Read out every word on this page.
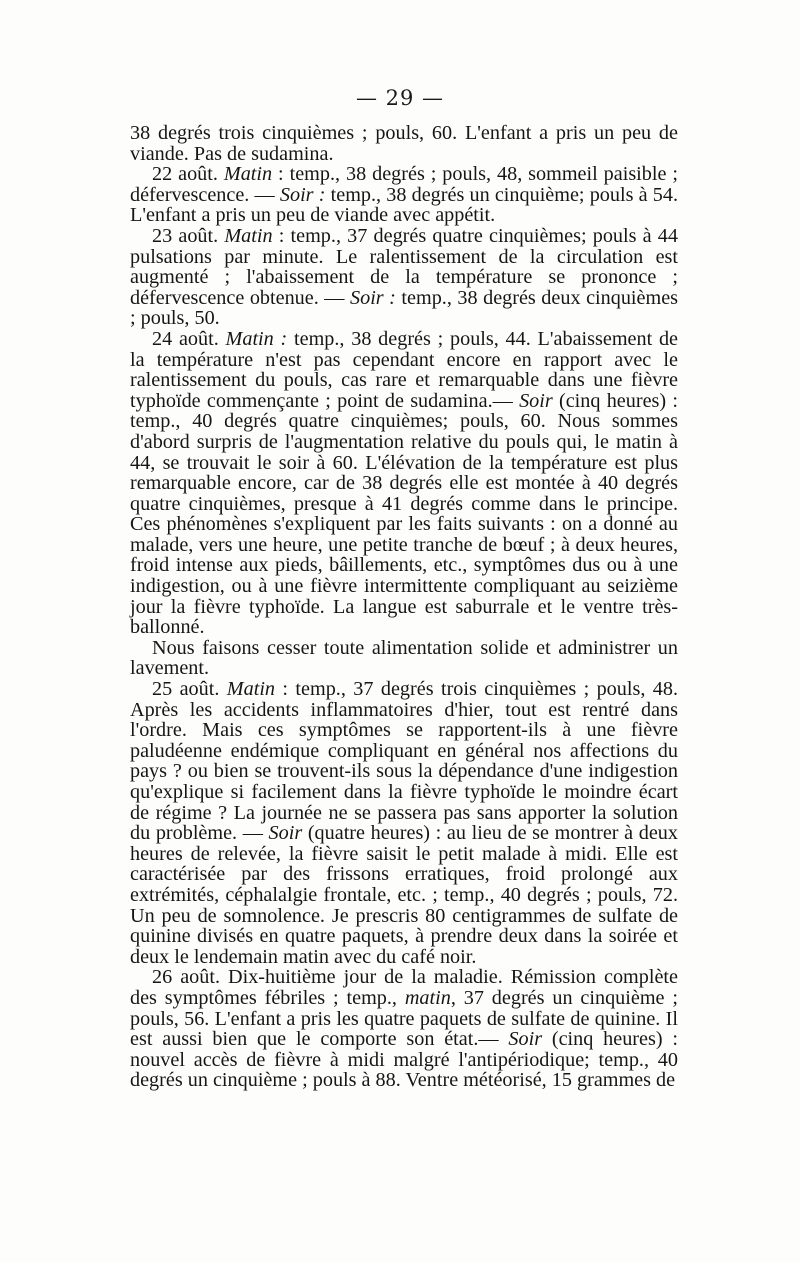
— 29 —

38 degrés trois cinquièmes ; pouls, 60. L'enfant a pris un peu de viande. Pas de sudamina.

22 août. Matin : temp., 38 degrés ; pouls, 48, sommeil paisible ; défervescence. — Soir : temp., 38 degrés un cinquième; pouls à 54. L'enfant a pris un peu de viande avec appétit.

23 août. Matin : temp., 37 degrés quatre cinquièmes; pouls à 44 pulsations par minute. Le ralentissement de la circulation est augmenté ; l'abaissement de la température se prononce ; défervescence obtenue. — Soir : temp., 38 degrés deux cinquièmes ; pouls, 50.

24 août. Matin : temp., 38 degrés ; pouls, 44. L'abaissement de la température n'est pas cependant encore en rapport avec le ralentissement du pouls, cas rare et remarquable dans une fièvre typhoïde commençante ; point de sudamina.— Soir (cinq heures) : temp., 40 degrés quatre cinquièmes; pouls, 60. Nous sommes d'abord surpris de l'augmentation relative du pouls qui, le matin à 44, se trouvait le soir à 60. L'élévation de la température est plus remarquable encore, car de 38 degrés elle est montée à 40 degrés quatre cinquièmes, presque à 41 degrés comme dans le principe. Ces phénomènes s'expliquent par les faits suivants : on a donné au malade, vers une heure, une petite tranche de bœuf ; à deux heures, froid intense aux pieds, bâillements, etc., symptômes dus ou à une indigestion, ou à une fièvre intermittente compliquant au seizième jour la fièvre typhoïde. La langue est saburrale et le ventre très-ballonné.

Nous faisons cesser toute alimentation solide et administrer un lavement.

25 août. Matin : temp., 37 degrés trois cinquièmes ; pouls, 48. Après les accidents inflammatoires d'hier, tout est rentré dans l'ordre. Mais ces symptômes se rapportent-ils à une fièvre paludéenne endémique compliquant en général nos affections du pays ? ou bien se trouvent-ils sous la dépendance d'une indigestion qu'explique si facilement dans la fièvre typhoïde le moindre écart de régime ? La journée ne se passera pas sans apporter la solution du problème. — Soir (quatre heures) : au lieu de se montrer à deux heures de relevée, la fièvre saisit le petit malade à midi. Elle est caractérisée par des frissons erratiques, froid prolongé aux extrémités, céphalalgie frontale, etc. ; temp., 40 degrés ; pouls, 72. Un peu de somnolence. Je prescris 80 centigrammes de sulfate de quinine divisés en quatre paquets, à prendre deux dans la soirée et deux le lendemain matin avec du café noir.

26 août. Dix-huitième jour de la maladie. Rémission complète des symptômes fébriles ; temp., matin, 37 degrés un cinquième ; pouls, 56. L'enfant a pris les quatre paquets de sulfate de quinine. Il est aussi bien que le comporte son état.— Soir (cinq heures) : nouvel accès de fièvre à midi malgré l'antipériodique; temp., 40 degrés un cinquième ; pouls à 88. Ventre météorisé, 15 grammes de
